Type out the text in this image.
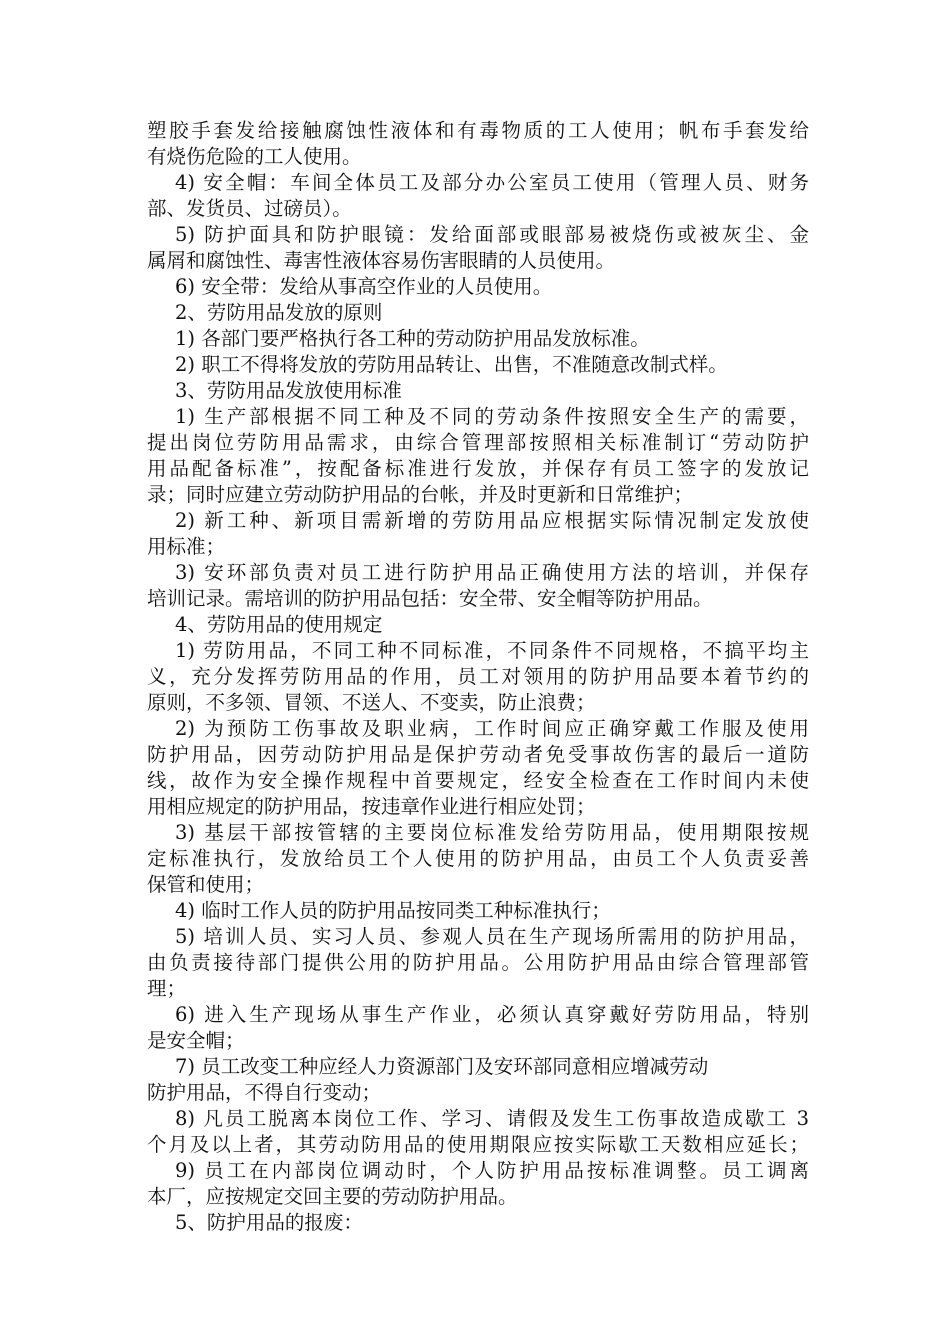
塑胶手套发给接触腐蚀性液体和有毒物质的工人使用；帆布手套发给
有烧伤危险的工人使用。
4) 安全帽：车间全体员工及部分办公室员工使用（管理人员、财务
部、发货员、过磅员）。
5) 防护面具和防护眼镜：发给面部或眼部易被烧伤或被灰尘、金
属屑和腐蚀性、毒害性液体容易伤害眼睛的人员使用。
6) 安全带：发给从事高空作业的人员使用。
2、劳防用品发放的原则
1) 各部门要严格执行各工种的劳动防护用品发放标准。
2) 职工不得将发放的劳防用品转让、出售，不准随意改制式样。
3、劳防用品发放使用标准
1) 生产部根据不同工种及不同的劳动条件按照安全生产的需要，
提出岗位劳防用品需求，由综合管理部按照相关标准制订“劳动防护
用品配备标准”，按配备标准进行发放，并保存有员工签字的发放记
录；同时应建立劳动防护用品的台帐，并及时更新和日常维护；
2) 新工种、新项目需新增的劳防用品应根据实际情况制定发放使
用标准；
3) 安环部负责对员工进行防护用品正确使用方法的培训，并保存
培训记录。需培训的防护用品包括：安全带、安全帽等防护用品。
4、劳防用品的使用规定
1) 劳防用品，不同工种不同标准，不同条件不同规格，不搞平均主
义，充分发挥劳防用品的作用，员工对领用的防护用品要本着节约的
原则，不多领、冒领、不送人、不变卖，防止浪费；
2) 为预防工伤事故及职业病，工作时间应正确穿戴工作服及使用
防护用品，因劳动防护用品是保护劳动者免受事故伤害的最后一道防
线，故作为安全操作规程中首要规定，经安全检查在工作时间内未使
用相应规定的防护用品，按违章作业进行相应处罚；
3) 基层干部按管辖的主要岗位标准发给劳防用品，使用期限按规
定标准执行，发放给员工个人使用的防护用品，由员工个人负责妥善
保管和使用；
4) 临时工作人员的防护用品按同类工种标准执行；
5) 培训人员、实习人员、参观人员在生产现场所需用的防护用品，
由负责接待部门提供公用的防护用品。公用防护用品由综合管理部管
理；
6) 进入生产现场从事生产作业，必须认真穿戴好劳防用品，特别
是安全帽；
7) 员工改变工种应经人力资源部门及安环部同意相应增减劳动
防护用品，不得自行变动；
8) 凡员工脱离本岗位工作、学习、请假及发生工伤事故造成歇工 3
个月及以上者，其劳动防用品的使用期限应按实际歇工天数相应延长；
9) 员工在内部岗位调动时，个人防护用品按标准调整。员工调离
本厂，应按规定交回主要的劳动防护用品。
5、防护用品的报废：
